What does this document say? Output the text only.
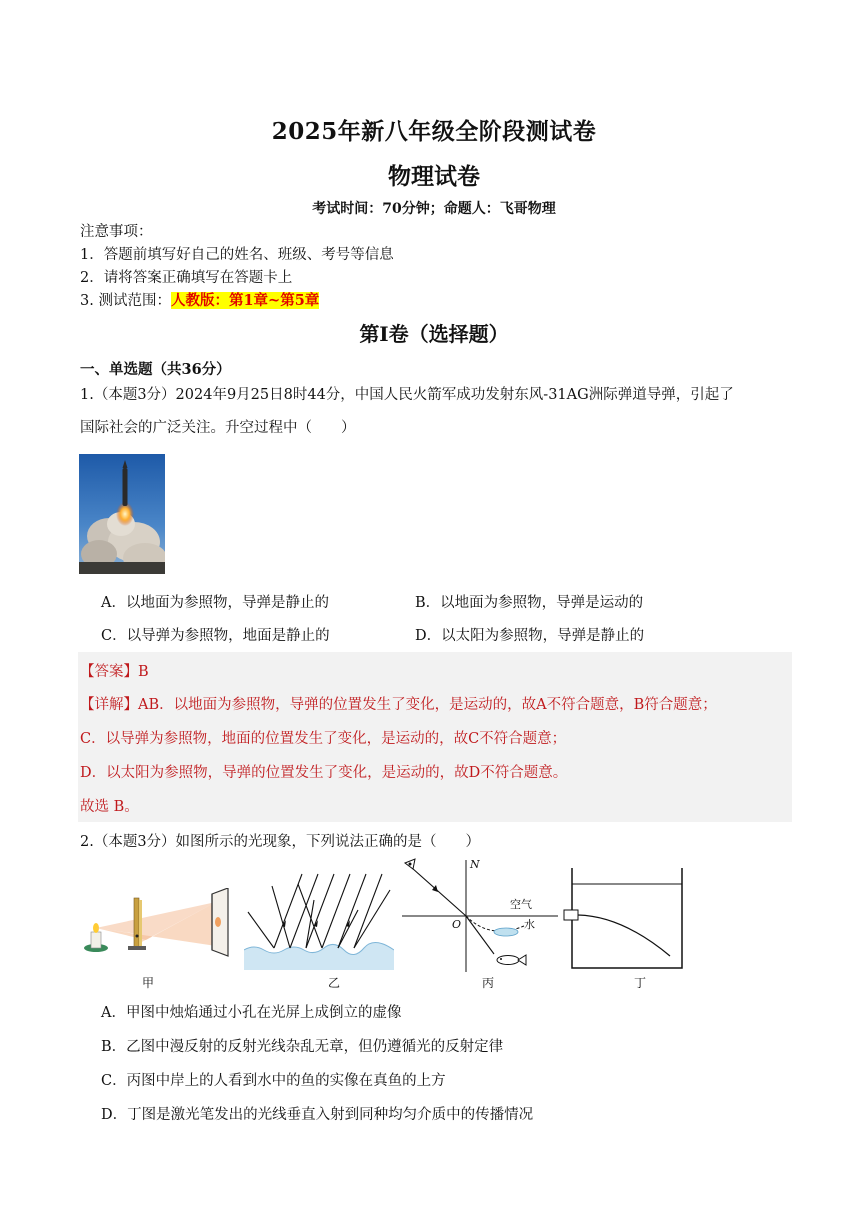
2025年新八年级全阶段测试卷
物理试卷
考试时间：70分钟；命题人：飞哥物理
注意事项：
1．答题前填写好自己的姓名、班级、考号等信息
2．请将答案正确填写在答题卡上
3. 测试范围：人教版：第1章~第5章
第I卷（选择题）
一、单选题（共36分）
1.（本题3分）2024年9月25日8时44分，中国人民火箭军成功发射东风-31AG洲际弹道导弹，引起了
国际社会的广泛关注。升空过程中（　　）
A．以地面为参照物，导弹是静止的	B．以地面为参照物，导弹是运动的
C．以导弹为参照物，地面是静止的	D．以太阳为参照物，导弹是静止的
【答案】B
【详解】AB．以地面为参照物，导弹的位置发生了变化，是运动的，故A不符合题意，B符合题意；
C．以导弹为参照物，地面的位置发生了变化，是运动的，故C不符合题意；
D．以太阳为参照物，导弹的位置发生了变化，是运动的，故D不符合题意。
故选 B。
2.（本题3分）如图所示的光现象，下列说法正确的是（　　）
甲	乙
N
O
空气
水
丙	丁
A．甲图中烛焰通过小孔在光屏上成倒立的虚像
B．乙图中漫反射的反射光线杂乱无章，但仍遵循光的反射定律
C．丙图中岸上的人看到水中的鱼的实像在真鱼的上方
D．丁图是激光笔发出的光线垂直入射到同种均匀介质中的传播情况
